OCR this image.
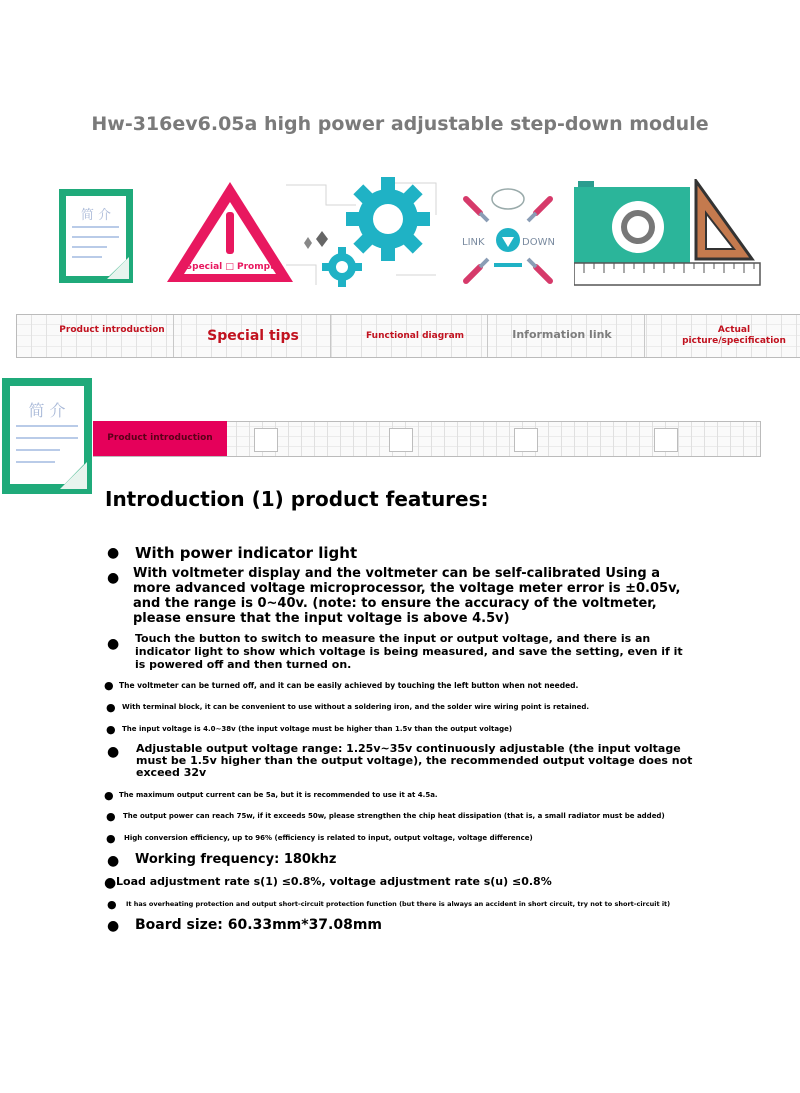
Hw-316ev6.05a high power adjustable step-down module
简 介
Special □ Prompt
LINK	DOWN
Product introduction	Special tips	Functional diagram	Information link	Actual picture/specification
简 介
Product introduction
Introduction (1) product features:
● With power indicator light
● With voltmeter display and the voltmeter can be self-calibrated Using a more advanced voltage microprocessor, the voltage meter error is ±0.05v, and the range is 0~40v. (note: to ensure the accuracy of the voltmeter, please ensure that the input voltage is above 4.5v)
● Touch the button to switch to measure the input or output voltage, and there is an indicator light to show which voltage is being measured, and save the setting, even if it is powered off and then turned on.
● The voltmeter can be turned off, and it can be easily achieved by touching the left button when not needed.
● With terminal block, it can be convenient to use without a soldering iron, and the solder wire wiring point is retained.
● The input voltage is 4.0~38v (the input voltage must be higher than 1.5v than the output voltage)
● Adjustable output voltage range: 1.25v~35v continuously adjustable (the input voltage must be 1.5v higher than the output voltage), the recommended output voltage does not exceed 32v
● The maximum output current can be 5a, but it is recommended to use it at 4.5a.
● The output power can reach 75w, if it exceeds 50w, please strengthen the chip heat dissipation (that is, a small radiator must be added)
● High conversion efficiency, up to 96% (efficiency is related to input, output voltage, voltage difference)
● Working frequency: 180khz
● Load adjustment rate s(1) ≤0.8%, voltage adjustment rate s(u) ≤0.8%
● It has overheating protection and output short-circuit protection function (but there is always an accident in short circuit, try not to short-circuit it)
● Board size: 60.33mm*37.08mm
